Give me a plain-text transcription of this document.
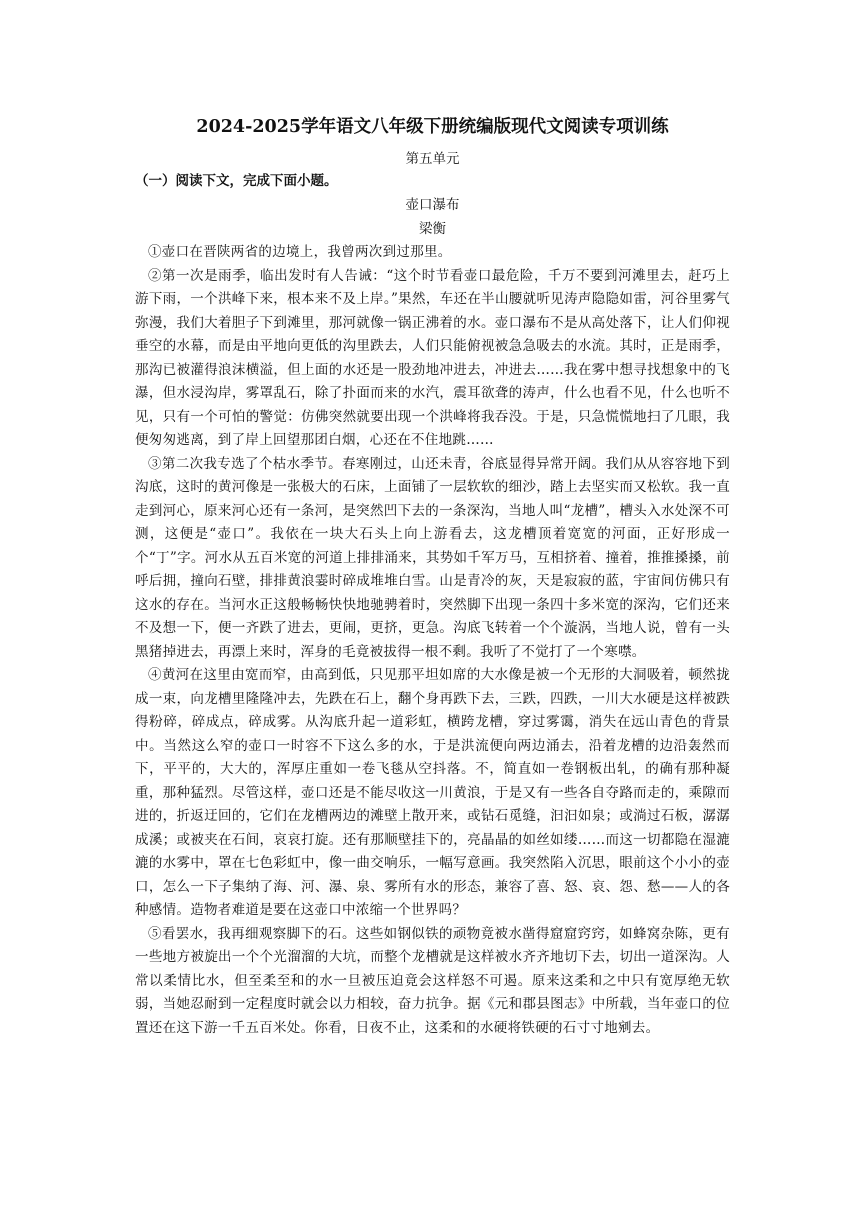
2024-2025学年语文八年级下册统编版现代文阅读专项训练
第五单元
（一）阅读下文，完成下面小题。
壶口瀑布
梁衡

①壶口在晋陕两省的边境上，我曾两次到过那里。

②第一次是雨季，临出发时有人告诫：“这个时节看壶口最危险，千万不要到河滩里去，赶巧上游下雨，一个洪峰下来，根本来不及上岸。”果然，车还在半山腰就听见涛声隐隐如雷，河谷里雾气弥漫，我们大着胆子下到滩里，那河就像一锅正沸着的水。壶口瀑布不是从高处落下，让人们仰视垂空的水幕，而是由平地向更低的沟里跌去，人们只能俯视被急急吸去的水流。其时，正是雨季，那沟已被灌得浪沫横溢，但上面的水还是一股劲地冲进去，冲进去……我在雾中想寻找想象中的飞瀑，但水浸沟岸，雾罩乱石，除了扑面而来的水汽，震耳欲聋的涛声，什么也看不见，什么也听不见，只有一个可怕的警觉：仿佛突然就要出现一个洪峰将我吞没。于是，只急慌慌地扫了几眼，我便匆匆逃离，到了岸上回望那团白烟，心还在不住地跳……

③第二次我专选了个枯水季节。春寒刚过，山还未青，谷底显得异常开阔。我们从从容容地下到沟底，这时的黄河像是一张极大的石床，上面铺了一层软软的细沙，踏上去坚实而又松软。我一直走到河心，原来河心还有一条河，是突然凹下去的一条深沟，当地人叫“龙槽”，槽头入水处深不可测，这便是“壶口”。我依在一块大石头上向上游看去，这龙槽顶着宽宽的河面，正好形成一个“丁”字。河水从五百米宽的河道上排排涌来，其势如千军万马，互相挤着、撞着，推推搡搡，前呼后拥，撞向石壁，排排黄浪霎时碎成堆堆白雪。山是青冷的灰，天是寂寂的蓝，宇宙间仿佛只有这水的存在。当河水正这般畅畅快快地驰骋着时，突然脚下出现一条四十多米宽的深沟，它们还来不及想一下，便一齐跌了进去，更闹，更挤，更急。沟底飞转着一个个漩涡，当地人说，曾有一头黑猪掉进去，再漂上来时，浑身的毛竟被拔得一根不剩。我听了不觉打了一个寒噤。

④黄河在这里由宽而窄，由高到低，只见那平坦如席的大水像是被一个无形的大洞吸着，顿然拢成一束，向龙槽里隆隆冲去，先跌在石上，翻个身再跌下去，三跌，四跌，一川大水硬是这样被跌得粉碎，碎成点，碎成雾。从沟底升起一道彩虹，横跨龙槽，穿过雾霭，消失在远山青色的背景中。当然这么窄的壶口一时容不下这么多的水，于是洪流便向两边涌去，沿着龙槽的边沿轰然而下，平平的，大大的，浑厚庄重如一卷飞毯从空抖落。不，简直如一卷钢板出轧，的确有那种凝重，那种猛烈。尽管这样，壶口还是不能尽收这一川黄浪，于是又有一些各自夺路而走的，乘隙而进的，折返迂回的，它们在龙槽两边的滩壁上散开来，或钻石觅缝，汩汩如泉；或淌过石板，潺潺成溪；或被夹在石间，哀哀打旋。还有那顺壁挂下的，亮晶晶的如丝如缕……而这一切都隐在湿漉漉的水雾中，罩在七色彩虹中，像一曲交响乐，一幅写意画。我突然陷入沉思，眼前这个小小的壶口，怎么一下子集纳了海、河、瀑、泉、雾所有水的形态，兼容了喜、怒、哀、怨、愁——人的各种感情。造物者难道是要在这壶口中浓缩一个世界吗？

⑤看罢水，我再细观察脚下的石。这些如钢似铁的顽物竟被水凿得窟窟窍窍，如蜂窝杂陈，更有一些地方被旋出一个个光溜溜的大坑，而整个龙槽就是这样被水齐齐地切下去，切出一道深沟。人常以柔情比水，但至柔至和的水一旦被压迫竟会这样怒不可遏。原来这柔和之中只有宽厚绝无软弱，当她忍耐到一定程度时就会以力相较，奋力抗争。据《元和郡县图志》中所载，当年壶口的位置还在这下游一千五百米处。你看，日夜不止，这柔和的水硬将铁硬的石寸寸地剜去。
